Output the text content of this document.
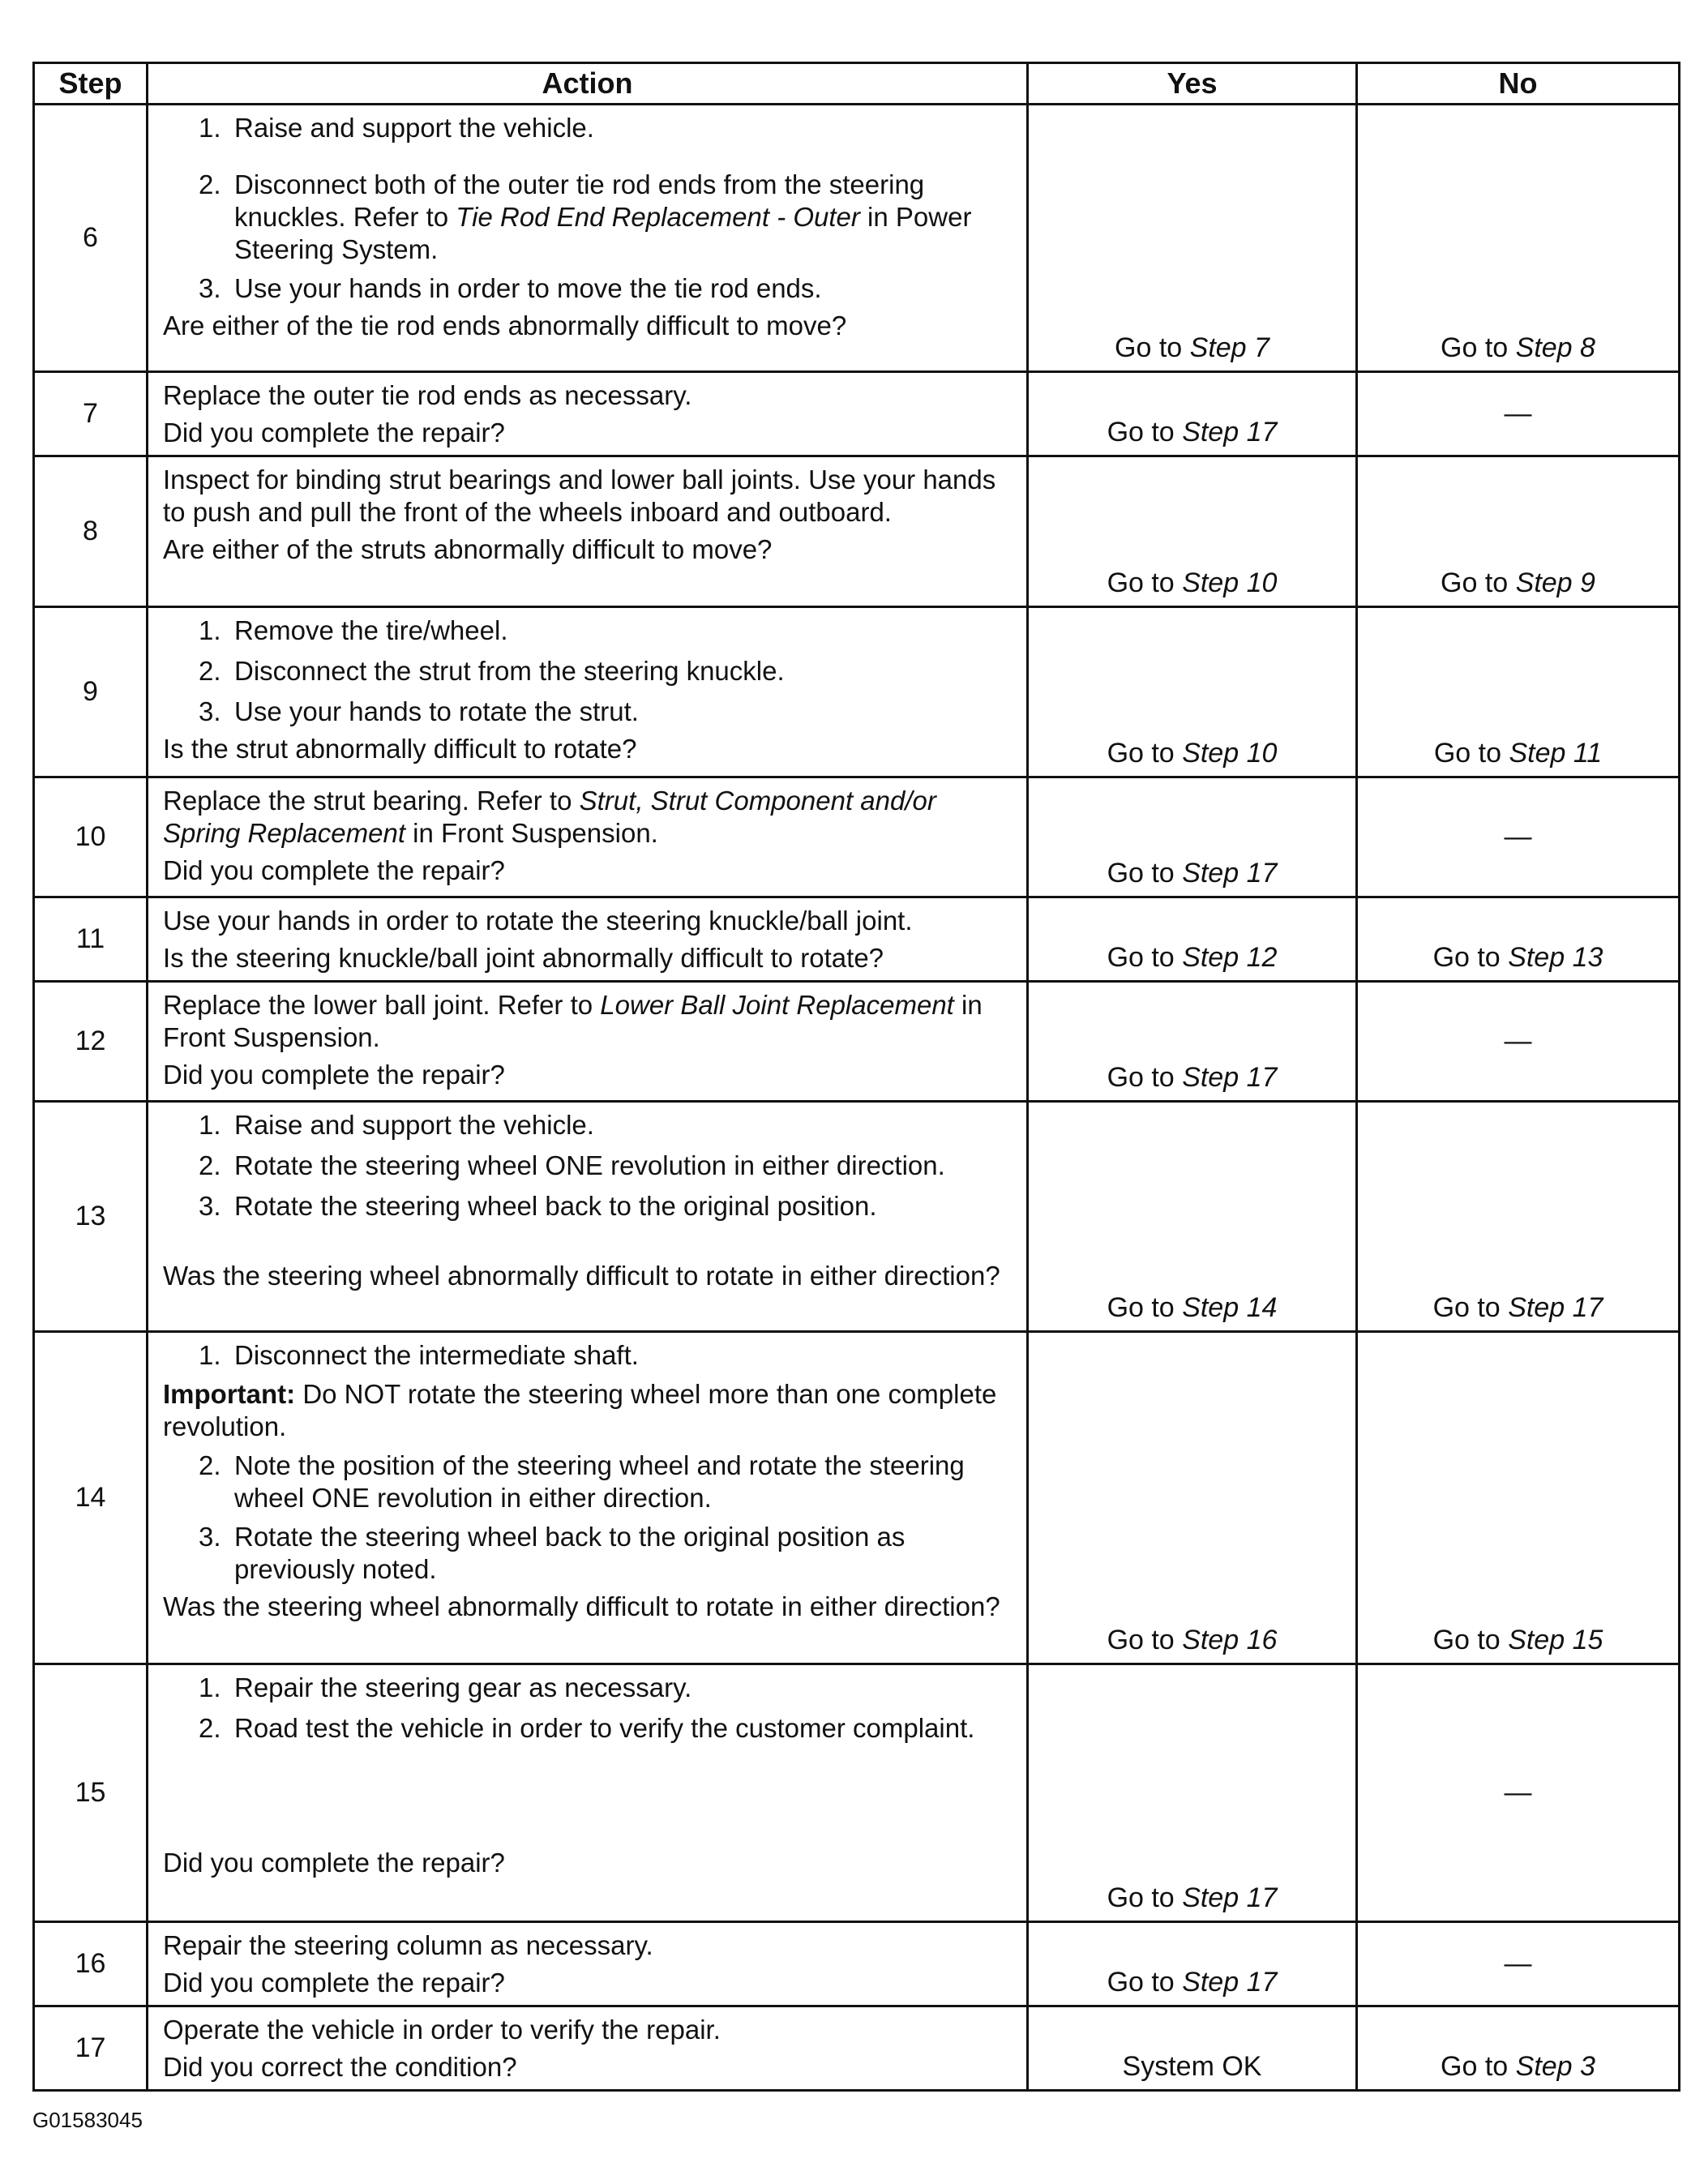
Step	Action	Yes	No
6	1. Raise and support the vehicle.
2. Disconnect both of the outer tie rod ends from the steering knuckles. Refer to Tie Rod End Replacement - Outer in Power Steering System.
3. Use your hands in order to move the tie rod ends.
Are either of the tie rod ends abnormally difficult to move?	Go to Step 7	Go to Step 8
7	Replace the outer tie rod ends as necessary.
Did you complete the repair?	Go to Step 17	—
8	Inspect for binding strut bearings and lower ball joints. Use your hands to push and pull the front of the wheels inboard and outboard.
Are either of the struts abnormally difficult to move?	Go to Step 10	Go to Step 9
9	1. Remove the tire/wheel.
2. Disconnect the strut from the steering knuckle.
3. Use your hands to rotate the strut.
Is the strut abnormally difficult to rotate?	Go to Step 10	Go to Step 11
10	Replace the strut bearing. Refer to Strut, Strut Component and/or Spring Replacement in Front Suspension.
Did you complete the repair?	Go to Step 17	—
11	Use your hands in order to rotate the steering knuckle/ball joint.
Is the steering knuckle/ball joint abnormally difficult to rotate?	Go to Step 12	Go to Step 13
12	Replace the lower ball joint. Refer to Lower Ball Joint Replacement in Front Suspension.
Did you complete the repair?	Go to Step 17	—
13	1. Raise and support the vehicle.
2. Rotate the steering wheel ONE revolution in either direction.
3. Rotate the steering wheel back to the original position.
Was the steering wheel abnormally difficult to rotate in either direction?	Go to Step 14	Go to Step 17
14	1. Disconnect the intermediate shaft.
Important: Do NOT rotate the steering wheel more than one complete revolution.
2. Note the position of the steering wheel and rotate the steering wheel ONE revolution in either direction.
3. Rotate the steering wheel back to the original position as previously noted.
Was the steering wheel abnormally difficult to rotate in either direction?	Go to Step 16	Go to Step 15
15	1. Repair the steering gear as necessary.
2. Road test the vehicle in order to verify the customer complaint.
Did you complete the repair?	Go to Step 17	—
16	Repair the steering column as necessary.
Did you complete the repair?	Go to Step 17	—
17	Operate the vehicle in order to verify the repair.
Did you correct the condition?	System OK	Go to Step 3
G01583045
